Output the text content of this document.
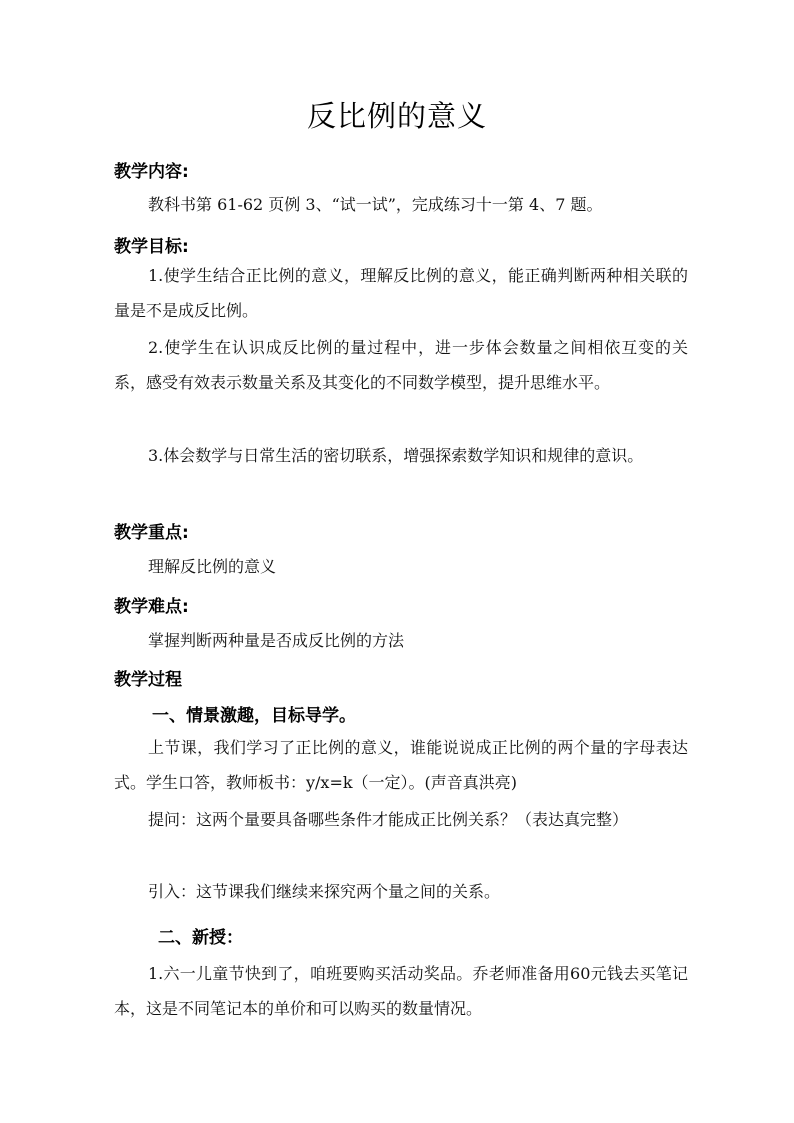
反比例的意义
教学内容:
教科书第 61-62 页例 3、“试一试”，完成练习十一第 4、7 题。
教学目标:
1.使学生结合正比例的意义，理解反比例的意义，能正确判断两种相关联的量是不是成反比例。
2.使学生在认识成反比例的量过程中，进一步体会数量之间相依互变的关系，感受有效表示数量关系及其变化的不同数学模型，提升思维水平。
3.体会数学与日常生活的密切联系，增强探索数学知识和规律的意识。
教学重点:
理解反比例的意义
教学难点:
掌握判断两种量是否成反比例的方法
教学过程
一、情景激趣，目标导学。
上节课，我们学习了正比例的意义，谁能说说成正比例的两个量的字母表达式。学生口答，教师板书：y/x=k（一定）。(声音真洪亮)
提问：这两个量要具备哪些条件才能成正比例关系？（表达真完整）
引入：这节课我们继续来探究两个量之间的关系。
二、新授：
1.六一儿童节快到了，咱班要购买活动奖品。乔老师准备用60元钱去买笔记本，这是不同笔记本的单价和可以购买的数量情况。
